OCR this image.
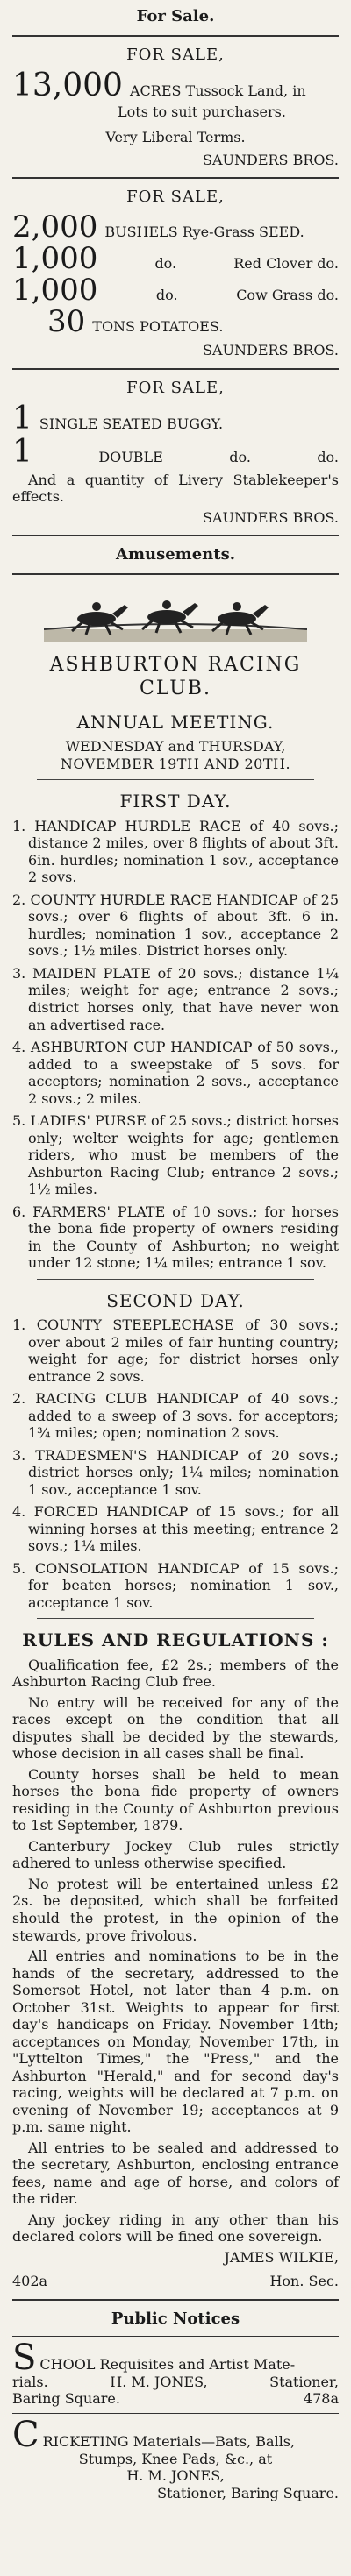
For Sale.
FOR SALE,
13,000 ACRES Tussock Land, in
Lots to suit purchasers.
Very Liberal Terms.
SAUNDERS BROS.
FOR SALE,
2,000 BUSHELS Rye-Grass SEED.
1,000	do.	Red Clover do.
1,000	do.	Cow Grass do.
30 TONS POTATOES.
SAUNDERS BROS.
FOR SALE,
1 SINGLE SEATED BUGGY.
1	DOUBLE	do.	do.
And a quantity of Livery Stablekeeper's effects.
SAUNDERS BROS.
Amusements.
ASHBURTON RACING CLUB.
ANNUAL MEETING.
WEDNESDAY and THURSDAY,
NOVEMBER 19TH AND 20TH.
FIRST DAY.
1. HANDICAP HURDLE RACE of 40 sovs.; distance 2 miles, over 8 flights of about 3ft. 6in. hurdles; nomination 1 sov., acceptance 2 sovs.
2. COUNTY HURDLE RACE HANDICAP of 25 sovs.; over 6 flights of about 3ft. 6 in. hurdles; nomination 1 sov., acceptance 2 sovs.; 1½ miles. District horses only.
3. MAIDEN PLATE of 20 sovs.; distance 1¼ miles; weight for age; entrance 2 sovs.; district horses only, that have never won an advertised race.
4. ASHBURTON CUP HANDICAP of 50 sovs., added to a sweepstake of 5 sovs. for acceptors; nomination 2 sovs., acceptance 2 sovs.; 2 miles.
5. LADIES' PURSE of 25 sovs.; district horses only; welter weights for age; gentlemen riders, who must be members of the Ashburton Racing Club; entrance 2 sovs.; 1½ miles.
6. FARMERS' PLATE of 10 sovs.; for horses the bona fide property of owners residing in the County of Ashburton; no weight under 12 stone; 1¼ miles; entrance 1 sov.
SECOND DAY.
1. COUNTY STEEPLECHASE of 30 sovs.; over about 2 miles of fair hunting country; weight for age; for district horses only entrance 2 sovs.
2. RACING CLUB HANDICAP of 40 sovs.; added to a sweep of 3 sovs. for acceptors; 1¾ miles; open; nomination 2 sovs.
3. TRADESMEN'S HANDICAP of 20 sovs.; district horses only; 1¼ miles; nomination 1 sov., acceptance 1 sov.
4. FORCED HANDICAP of 15 sovs.; for all winning horses at this meeting; entrance 2 sovs.; 1¼ miles.
5. CONSOLATION HANDICAP of 15 sovs.; for beaten horses; nomination 1 sov., acceptance 1 sov.
RULES AND REGULATIONS :
Qualification fee, £2 2s.; members of the Ashburton Racing Club free.
No entry will be received for any of the races except on the condition that all disputes shall be decided by the stewards, whose decision in all cases shall be final.
County horses shall be held to mean horses the bona fide property of owners residing in the County of Ashburton previous to 1st September, 1879.
Canterbury Jockey Club rules strictly adhered to unless otherwise specified.
No protest will be entertained unless £2 2s. be deposited, which shall be forfeited should the protest, in the opinion of the stewards, prove frivolous.
All entries and nominations to be in the hands of the secretary, addressed to the Somersot Hotel, not later than 4 p.m. on October 31st. Weights to appear for first day's handicaps on Friday. November 14th; acceptances on Monday, November 17th, in "Lyttelton Times," the "Press," and the Ashburton "Herald," and for second day's racing, weights will be declared at 7 p.m. on evening of November 19; acceptances at 9 p.m. same night.
All entries to be sealed and addressed to the secretary, Ashburton, enclosing entrance fees, name and age of horse, and colors of the rider.
Any jockey riding in any other than his declared colors will be fined one sovereign.
JAMES WILKIE,
402a	Hon. Sec.
Public Notices
S CHOOL Requisites and Artist Mate-
rials.	H. M. JONES,	Stationer,
Baring Square.	478a
C RICKETING Materials—Bats, Balls,
Stumps, Knee Pads, &c., at
H. M. JONES,
Stationer, Baring Square.
